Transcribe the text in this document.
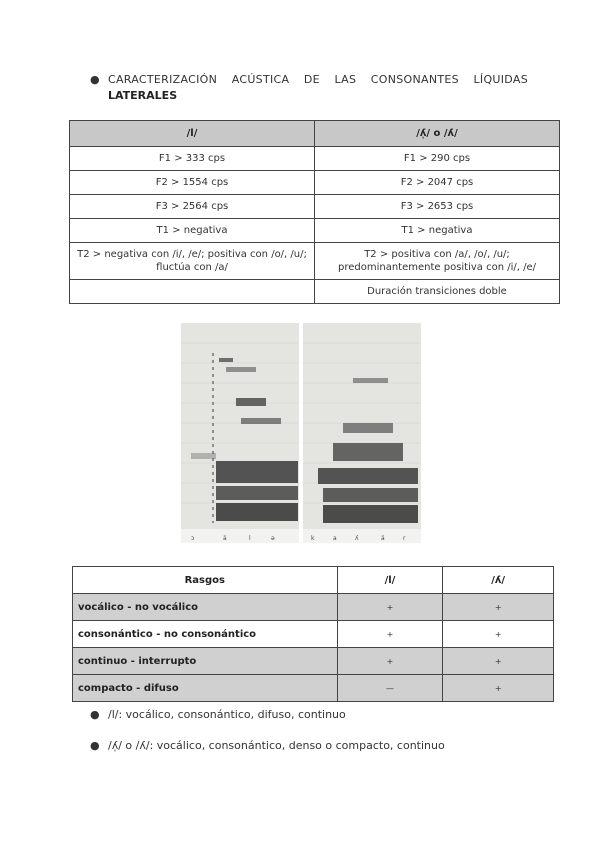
● CARACTERIZACIÓN ACÚSTICA DE LAS CONSONANTES LÍQUIDAS
LATERALES
/l/	/ʎ̩/ o /ʎ/
F1 > 333 cps	F1 > 290 cps
F2 > 1554 cps	F2 > 2047 cps
F3 > 2564 cps	F3 > 2653 cps
T1 > negativa	T1 > negativa
T2 > negativa con /i/, /e/; positiva con /o/, /u/; fluctúa con /a/	T2 > positiva con /a/, /o/, /u/; predominantemente positiva con /i/, /e/
	Duración transiciones doble
ɔ	ä	l	ə	k	a	ʎ	ä	r
Rasgos	/l/	/ʎ/
vocálico - no vocálico	+	+
consonántico - no consonántico	+	+
continuo - interrupto	+	+
compacto - difuso	—	+
● /l/: vocálico, consonántico, difuso, continuo
● /ʎ̩/ o /ʎ/: vocálico, consonántico, denso o compacto, continuo
